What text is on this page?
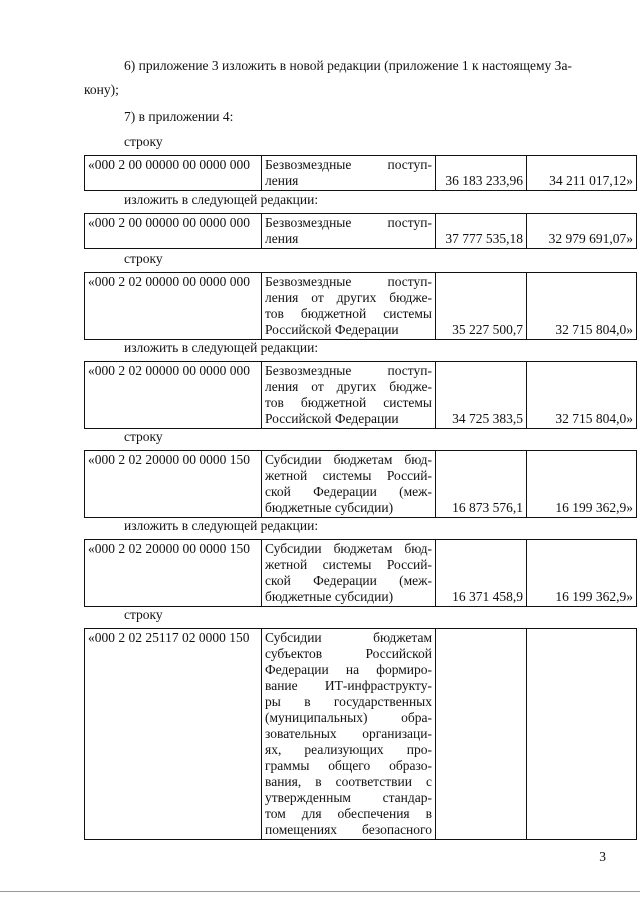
6) приложение 3 изложить в новой редакции (приложение 1 к настоящему За-

кону);

7) в приложении 4:

строку

«000 2 00 00000 00 0000 000	Безвозмездные поступ-
ления	36 183 233,96	34 211 017,12»

изложить в следующей редакции:

«000 2 00 00000 00 0000 000	Безвозмездные поступ-
ления	37 777 535,18	32 979 691,07»

строку

«000 2 02 00000 00 0000 000	Безвозмездные поступ-
ления от других бюдже-
тов бюджетной системы
Российской Федерации	35 227 500,7	32 715 804,0»

изложить в следующей редакции:

«000 2 02 00000 00 0000 000	Безвозмездные поступ-
ления от других бюдже-
тов бюджетной системы
Российской Федерации	34 725 383,5	32 715 804,0»

строку

«000 2 02 20000 00 0000 150	Субсидии бюджетам бюд-
жетной системы Россий-
ской Федерации (меж-
бюджетные субсидии)	16 873 576,1	16 199 362,9»

изложить в следующей редакции:

«000 2 02 20000 00 0000 150	Субсидии бюджетам бюд-
жетной системы Россий-
ской Федерации (меж-
бюджетные субсидии)	16 371 458,9	16 199 362,9»

строку

«000 2 02 25117 02 0000 150	Субсидии бюджетам
субъектов Российской
Федерации на формиро-
вание ИТ-инфраструкту-
ры в государственных
(муниципальных) обра-
зовательных организаци-
ях, реализующих про-
граммы общего образо-
вания, в соответствии с
утвержденным стандар-
том для обеспечения в
помещениях безопасного

3
